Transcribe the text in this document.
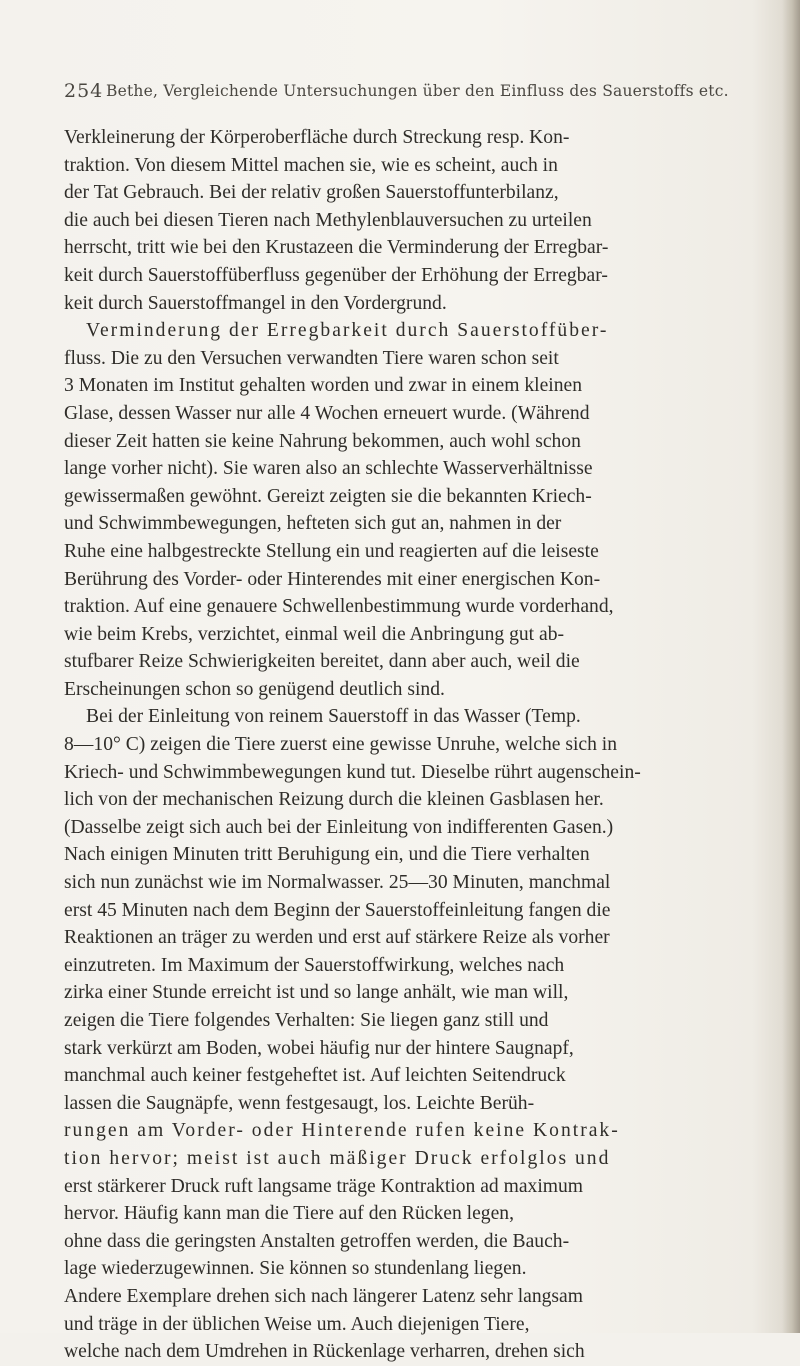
254 Bethe, Vergleichende Untersuchungen über den Einfluss des Sauerstoffs etc.
Verkleinerung der Körperoberfläche durch Streckung resp. Kon-
traktion. Von diesem Mittel machen sie, wie es scheint, auch in
der Tat Gebrauch. Bei der relativ großen Sauerstoffunterbilanz,
die auch bei diesen Tieren nach Methylenblauversuchen zu urteilen
herrscht, tritt wie bei den Krustazeen die Verminderung der Erregbar-
keit durch Sauerstoffüberfluss gegenüber der Erhöhung der Erregbar-
keit durch Sauerstoffmangel in den Vordergrund.
Verminderung der Erregbarkeit durch Sauerstoffüber-
fluss. Die zu den Versuchen verwandten Tiere waren schon seit
3 Monaten im Institut gehalten worden und zwar in einem kleinen
Glase, dessen Wasser nur alle 4 Wochen erneuert wurde. (Während
dieser Zeit hatten sie keine Nahrung bekommen, auch wohl schon
lange vorher nicht). Sie waren also an schlechte Wasserverhältnisse
gewissermaßen gewöhnt. Gereizt zeigten sie die bekannten Kriech-
und Schwimmbewegungen, hefteten sich gut an, nahmen in der
Ruhe eine halbgestreckte Stellung ein und reagierten auf die leiseste
Berührung des Vorder- oder Hinterendes mit einer energischen Kon-
traktion. Auf eine genauere Schwellenbestimmung wurde vorderhand,
wie beim Krebs, verzichtet, einmal weil die Anbringung gut ab-
stufbarer Reize Schwierigkeiten bereitet, dann aber auch, weil die
Erscheinungen schon so genügend deutlich sind.
Bei der Einleitung von reinem Sauerstoff in das Wasser (Temp.
8—10° C) zeigen die Tiere zuerst eine gewisse Unruhe, welche sich in
Kriech- und Schwimmbewegungen kund tut. Dieselbe rührt augenschein-
lich von der mechanischen Reizung durch die kleinen Gasblasen her.
(Dasselbe zeigt sich auch bei der Einleitung von indifferenten Gasen.)
Nach einigen Minuten tritt Beruhigung ein, und die Tiere verhalten
sich nun zunächst wie im Normalwasser. 25—30 Minuten, manchmal
erst 45 Minuten nach dem Beginn der Sauerstoffeinleitung fangen die
Reaktionen an träger zu werden und erst auf stärkere Reize als vorher
einzutreten. Im Maximum der Sauerstoffwirkung, welches nach
zirka einer Stunde erreicht ist und so lange anhält, wie man will,
zeigen die Tiere folgendes Verhalten: Sie liegen ganz still und
stark verkürzt am Boden, wobei häufig nur der hintere Saugnapf,
manchmal auch keiner festgeheftet ist. Auf leichten Seitendruck
lassen die Saugnäpfe, wenn festgesaugt, los. Leichte Berüh-
rungen am Vorder- oder Hinterende rufen keine Kontrak-
tion hervor; meist ist auch mäßiger Druck erfolglos und
erst stärkerer Druck ruft langsame träge Kontraktion ad maximum
hervor. Häufig kann man die Tiere auf den Rücken legen,
ohne dass die geringsten Anstalten getroffen werden, die Bauch-
lage wiederzugewinnen. Sie können so stundenlang liegen.
Andere Exemplare drehen sich nach längerer Latenz sehr langsam
und träge in der üblichen Weise um. Auch diejenigen Tiere,
welche nach dem Umdrehen in Rückenlage verharren, drehen sich
